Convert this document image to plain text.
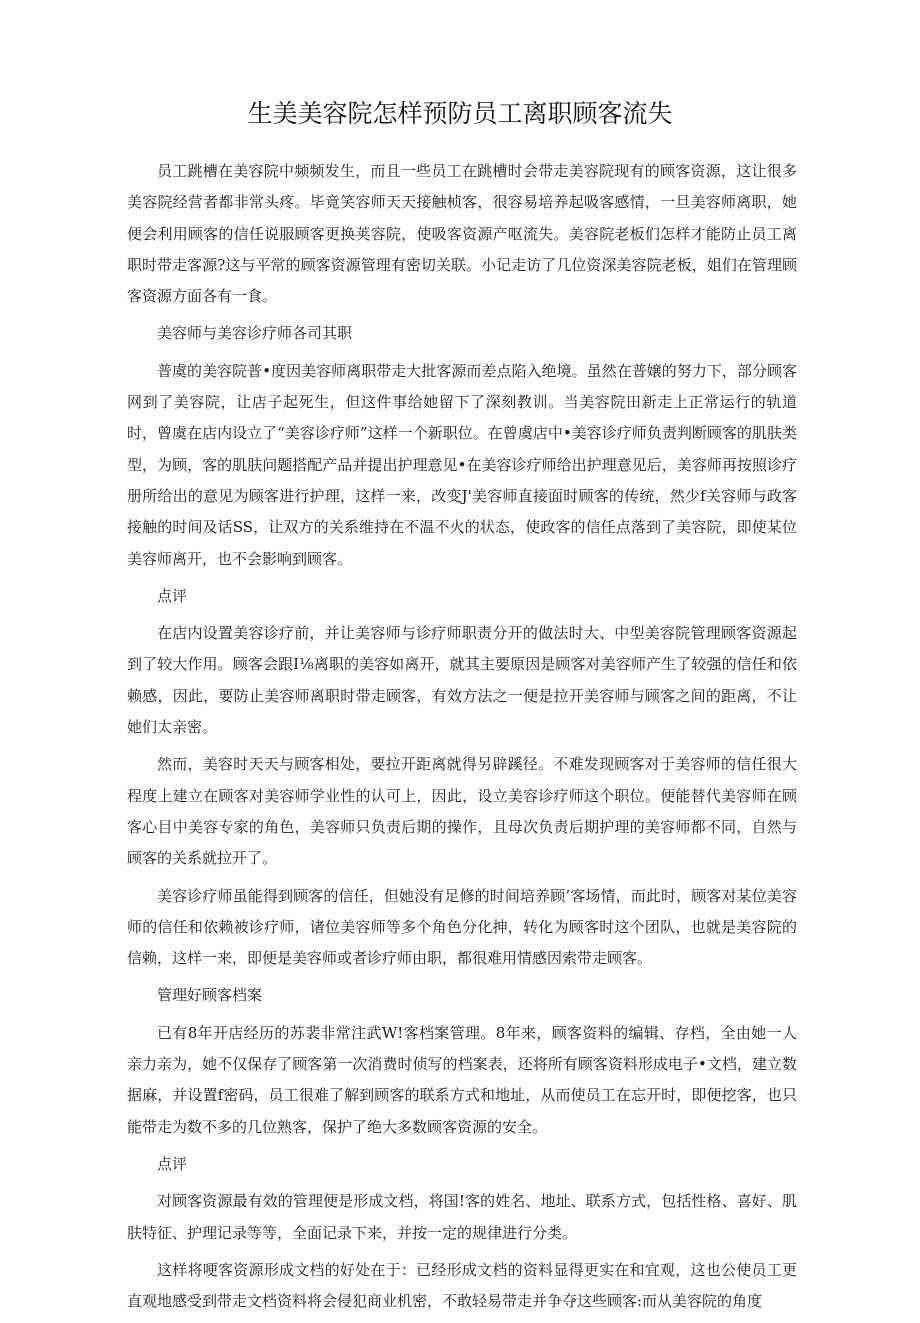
生美美容院怎样预防员工离职顾客流失

员工跳槽在美容院中频频发生，而且一些员工在跳槽时会带走美容院现有的顾客资源，这让很多美容院经营者都非常头疼。毕竟笑容师天天接触桢客，很容易培养起吸客感情，一旦美容师离职，她便会利用顾客的信任说服顾客更换荚容院，使吸客资源产呕流失。美容院老板们怎样才能防止员工离职时带走客源?这与平常的顾客资源管理有密切关联。小记走访了几位资深美容院老板，姐们在管理顾客资源方面各有一食。

美容师与美容诊疗师各司其职

普虞的美容院普•度因美容师离职带走大批客源而差点陷入绝境。虽然在普嬢的努力下，部分顾客网到了美容院，让店子起死生，但这件事给她留下了深刻教训。当美容院田新走上正常运行的轨道时，曾虞在店内设立了“美容诊疗师”这样一个新职位。在曾虞店中•美容诊疗师负责判断顾客的肌肤类型，为顾，客的肌肤问题搭配产品并提出护理意见•在美容诊疗师给出护理意见后，美容师再按照诊疗册所给出的意见为顾客进行护理，这样一来，改变J'美容师直接面时顾客的传统，然少f关容师与政客接触的时间及话SS，让双方的关系维持在不温不火的状态，使政客的信任点落到了美容院，即使某位美容师离开，也不会影响到顾客。

点评

在店内设置美容诊疗前，并让美容师与诊疗师职责分开的做法时大、中型美容院管理顾客资源起到了较大作用。顾客会跟I⅛离职的美容如离开，就其主要原因是顾客对美容师产生了较强的信任和依赖感，因此，要防止美容师离职时带走顾客，有效方法之一便是拉开美容师与顾客之间的距离，不让她们太亲密。

然而，美容时天天与顾客相处，要拉开距离就得另辟蹊径。不难发现顾客对于美容师的信任很大程度上建立在顾客对美容师学业性的认可上，因此，设立美容诊疗师这个职位。便能替代美容师在顾客心目中美容专家的角色，美容师只负责后期的操作，且母次负责后期护理的美容师都不同，自然与顾客的关系就拉开了。

美容诊疗师虽能得到顾客的信任，但她没有足修的时间培养顾’客场情，而此时，顾客对某位美容师的信任和依赖被诊疗师，诸位美容师等多个角色分化抻，转化为顾客时这个团队，也就是美容院的信赖，这样一来，即便是美容师或者诊疗师由职，都很难用情感因索带走顾客。

管理好顾客档案

已有8年开店经历的苏裴非常注武W!客档案管理。8年来，顾客资料的编辑、存档，全由她一人亲力亲为，她不仅保存了顾客第一次消费时侦写的档案表，还将所有顾客资料形成电子•文档，建立数据麻，并设置f密码，员工很难了解到顾客的联系方式和地址，从而使员工在忘开时，即便挖客，也只能带走为数不多的几位熟客，保护了绝大多数顾客资源的安全。

点评

对顾客资源最有效的管理便是形成文档，将国!客的姓名、地址、联系方式，包括性格、喜好、肌肤特征、护理记录等等，全面记录下来，并按一定的规律进行分类。

这样将哽客资源形成文档的好处在于：已经形成文档的资料显得更实在和宜观，这也公使员工更直观地感受到带走文档资料将会侵犯商业机密，不敢轻易带走并争夺这些顾客:而从美容院的角度
